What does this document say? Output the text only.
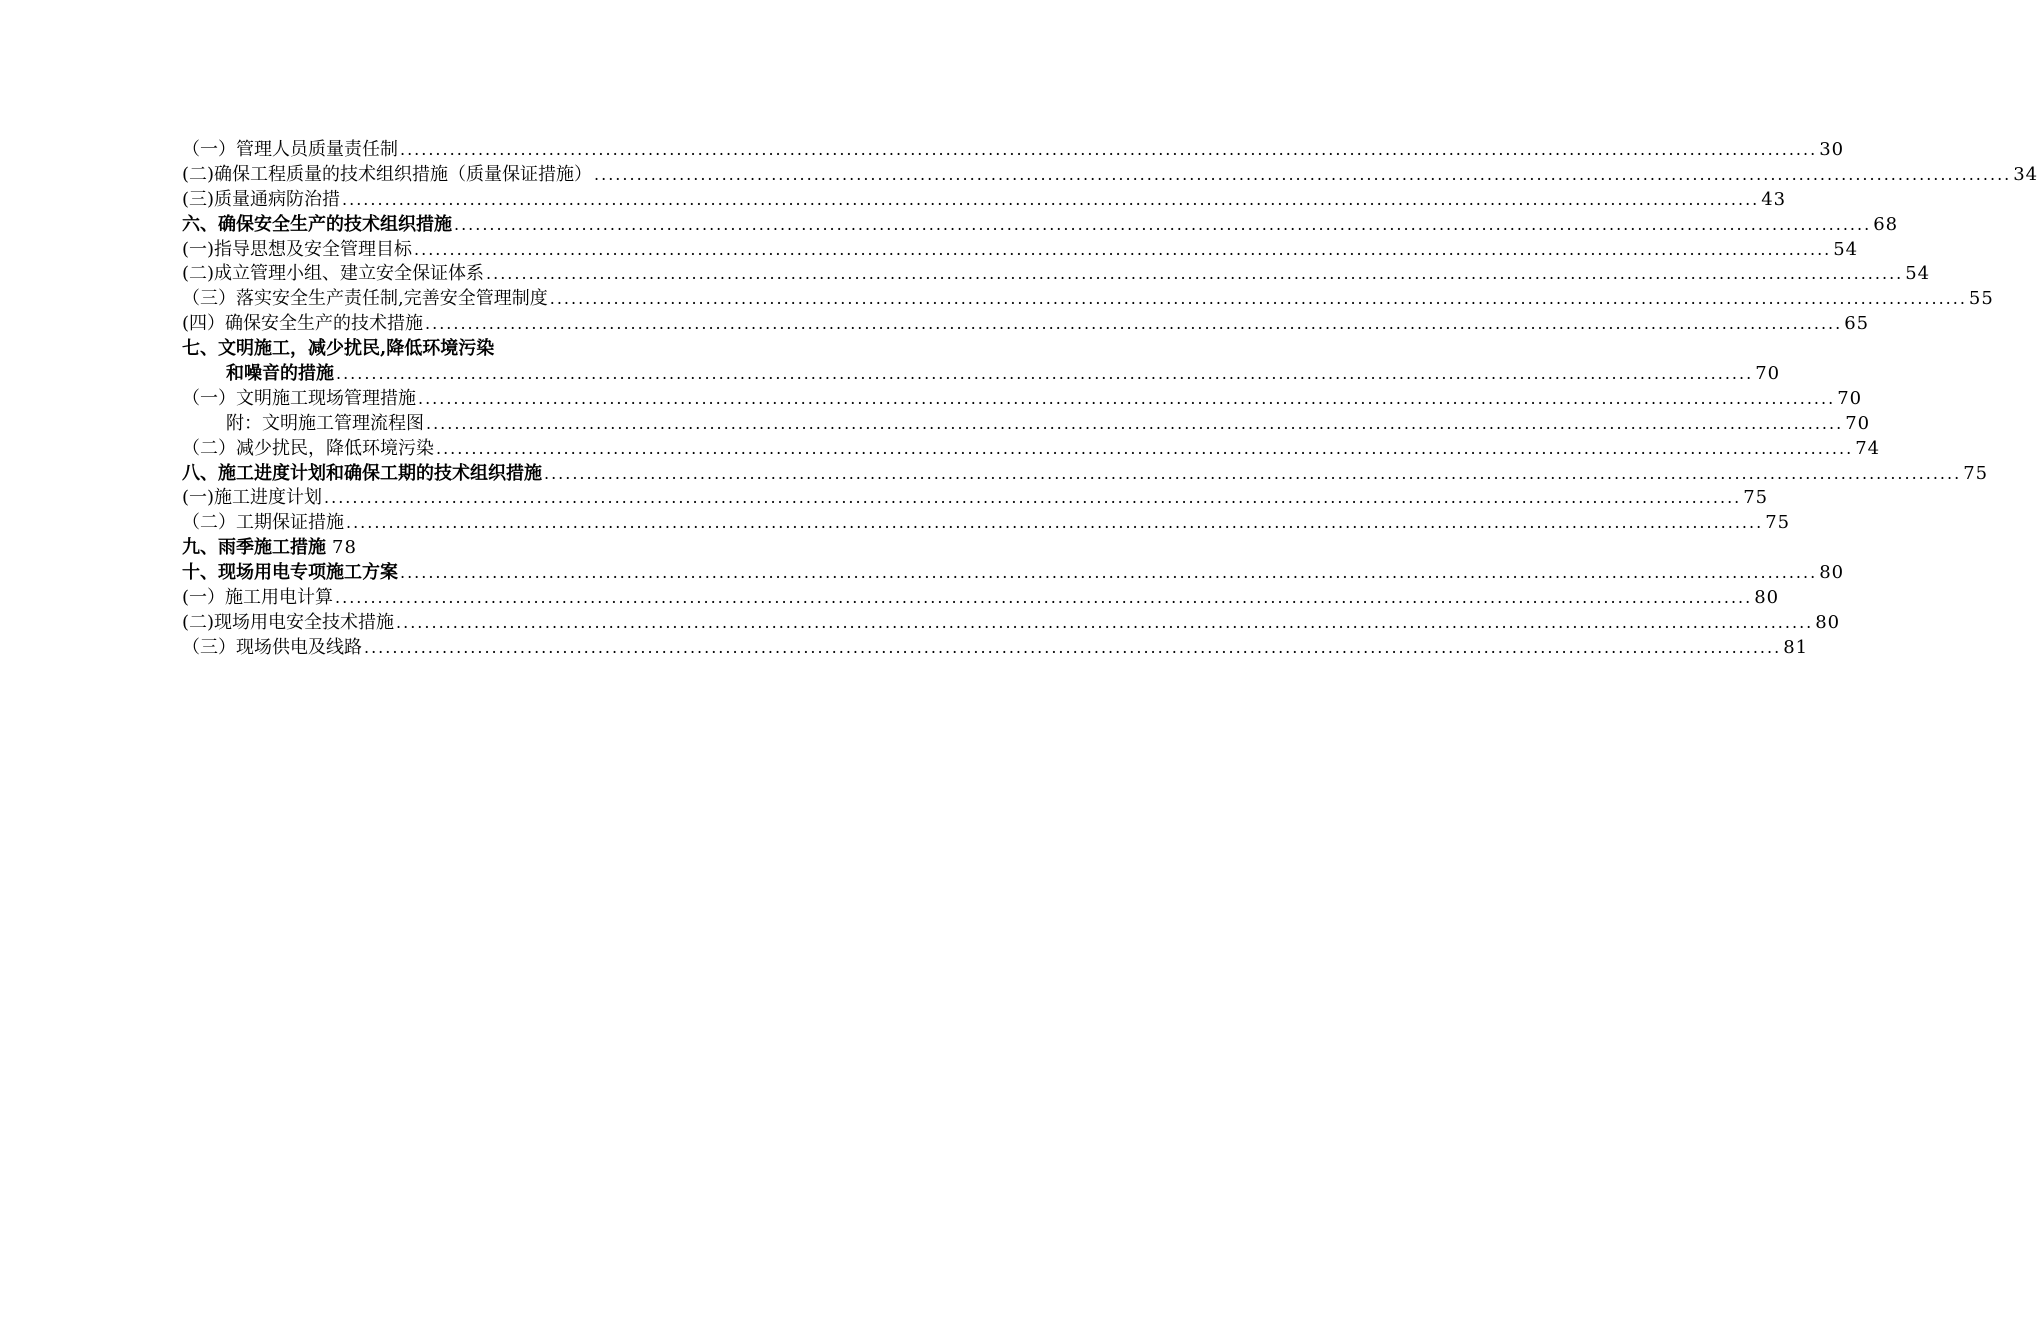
（一）管理人员质量责任制 ........................................................................................................................................................................................................ 30
(二)确保工程质量的技术组织措施（质量保证措施） ........................................................................................................................................................................................................ 34
(三)质量通病防治措 ........................................................................................................................................................................................................ 43
六、确保安全生产的技术组织措施 ........................................................................................................................................................................................................ 68
(一)指导思想及安全管理目标 ........................................................................................................................................................................................................ 54
(二)成立管理小组、建立安全保证体系 ........................................................................................................................................................................................................ 54
（三）落实安全生产责任制,完善安全管理制度 ........................................................................................................................................................................................................ 55
(四）确保安全生产的技术措施 ........................................................................................................................................................................................................ 65
七、文明施工，减少扰民,降低环境污染
和噪音的措施 ........................................................................................................................................................................................................ 70
（一）文明施工现场管理措施 ........................................................................................................................................................................................................ 70
附：文明施工管理流程图 ........................................................................................................................................................................................................ 70
（二）减少扰民，降低环境污染 ........................................................................................................................................................................................................ 74
八、施工进度计划和确保工期的技术组织措施 ........................................................................................................................................................................................................ 75
(一)施工进度计划 ........................................................................................................................................................................................................ 75
（二）工期保证措施 ........................................................................................................................................................................................................ 75
九、雨季施工措施 78
十、现场用电专项施工方案 ........................................................................................................................................................................................................ 80
(一）施工用电计算 ........................................................................................................................................................................................................ 80
(二)现场用电安全技术措施 ........................................................................................................................................................................................................ 80
（三）现场供电及线路 ........................................................................................................................................................................................................ 81
